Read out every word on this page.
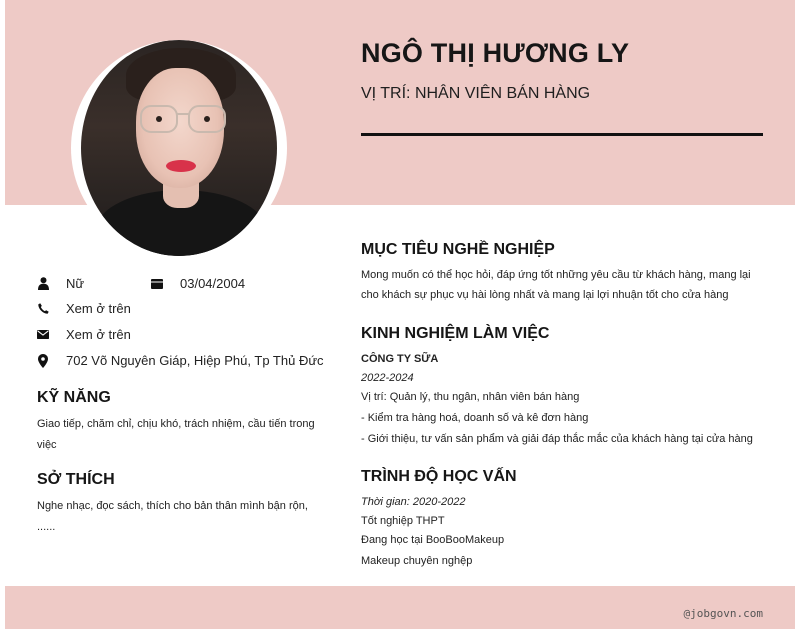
NGÔ THỊ HƯƠNG LY
VỊ TRÍ: NHÂN VIÊN BÁN HÀNG
Nữ	03/04/2004
Xem ở trên
Xem ở trên
702 Võ Nguyên Giáp, Hiệp Phú, Tp Thủ Đức
KỸ NĂNG
Giao tiếp, chăm chỉ, chịu khó, trách nhiệm, cầu tiến trong
việc
SỞ THÍCH
Nghe nhạc, đọc sách, thích cho bản thân mình bận rộn,
......
MỤC TIÊU NGHỀ NGHIỆP
Mong muốn có thể học hỏi, đáp ứng tốt những yêu cầu từ khách hàng, mang lại
cho khách sự phục vụ hài lòng nhất và mang lại lợi nhuận tốt cho cửa hàng
KINH NGHIỆM LÀM VIỆC
CÔNG TY SỮA
2022-2024
Vị trí: Quản lý, thu ngân, nhân viên bán hàng
- Kiểm tra hàng hoá, doanh số và kê đơn hàng
- Giới thiệu, tư vấn sản phẩm và giải đáp thắc mắc của khách hàng tại cửa hàng
TRÌNH ĐỘ HỌC VẤN
Thời gian: 2020-2022
Tốt nghiệp THPT
Đang học tại BooBooMakeup
Makeup chuyên nghệp
@jobgovn.com
